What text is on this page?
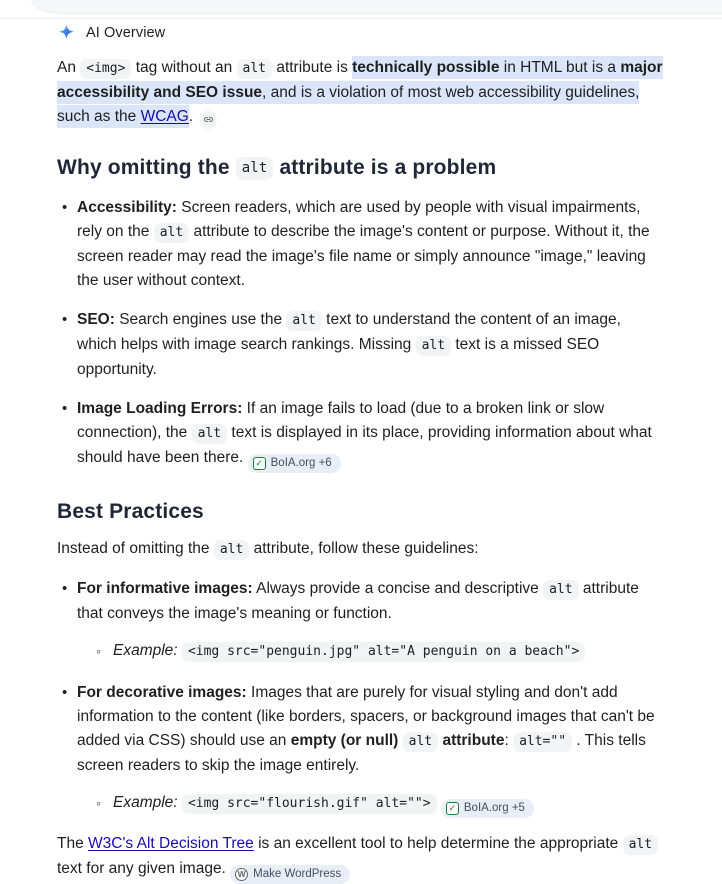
AI Overview

An <img> tag without an alt attribute is technically possible in HTML but is a major accessibility and SEO issue, and is a violation of most web accessibility guidelines, such as the WCAG.

Why omitting the alt attribute is a problem
• Accessibility: Screen readers, which are used by people with visual impairments, rely on the alt attribute to describe the image's content or purpose. Without it, the screen reader may read the image's file name or simply announce "image," leaving the user without context.
• SEO: Search engines use the alt text to understand the content of an image, which helps with image search rankings. Missing alt text is a missed SEO opportunity.
• Image Loading Errors: If an image fails to load (due to a broken link or slow connection), the alt text is displayed in its place, providing information about what should have been there. ✓ BoIA.org +6
Best Practices

Instead of omitting the alt attribute, follow these guidelines:

• For informative images: Always provide a concise and descriptive alt attribute that conveys the image's meaning or function.
◦ Example: <img src="penguin.jpg" alt="A penguin on a beach">
• For decorative images: Images that are purely for visual styling and don't add information to the content (like borders, spacers, or background images that can't be added via CSS) should use an empty (or null) alt attribute: alt="" . This tells screen readers to skip the image entirely.
◦ Example: <img src="flourish.gif" alt="">	✓ BoIA.org +5

The W3C's Alt Decision Tree is an excellent tool to help determine the appropriate alt text for any given image. W Make WordPress
